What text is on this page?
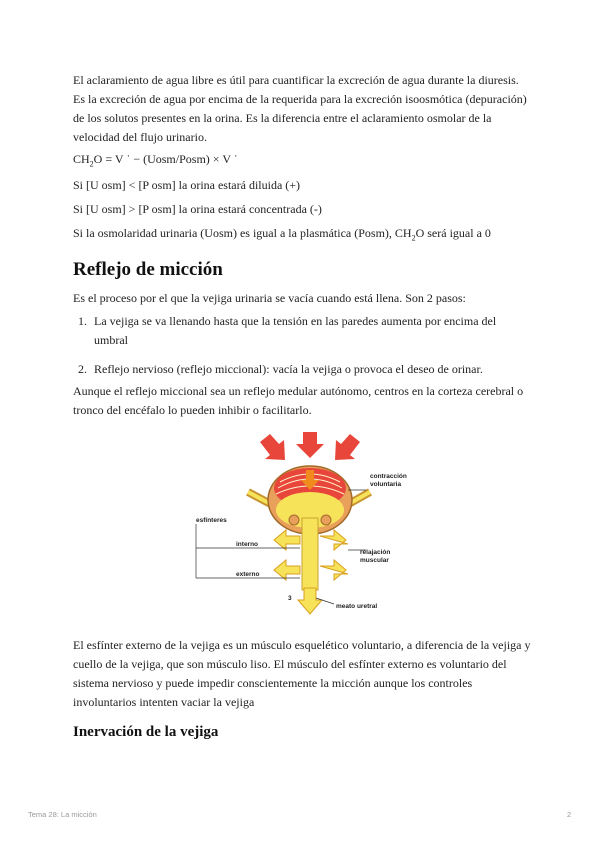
El aclaramiento de agua libre es útil para cuantificar la excreción de agua durante la diuresis. Es la excreción de agua por encima de la requerida para la excreción isoosmótica (depuración) de los solutos presentes en la orina. Es la diferencia entre el aclaramiento osmolar de la velocidad del flujo urinario.

$CH_2O = V$ ˙ − (Uosm/Posm) × V ˙
Si [U osm] < [P osm] la orina estará diluida (+)
Si [U osm] > [P osm] la orina estará concentrada (-)
Si la osmolaridad urinaria (Uosm) es igual a la plasmática (Posm), $CH_2O$ será igual a 0
Reflejo de micción

Es el proceso por el que la vejiga urinaria se vacía cuando está llena. Son 2 pasos:

1. La vejiga se va llenando hasta que la tensión en las paredes aumenta por encima del umbral
2. Reflejo nervioso (reflejo miccional): vacía la vejiga o provoca el deseo de orinar.

Aunque el reflejo miccional sea un reflejo medular autónomo, centros en la corteza cerebral o tronco del encéfalo lo pueden inhibir o facilitarlo.

contracción
voluntaria
esfínteres
interno
externo
relajación
muscular
3
meato uretral

El esfínter externo de la vejiga es un músculo esquelético voluntario, a diferencia de la vejiga y cuello de la vejiga, que son músculo liso. El músculo del esfínter externo es voluntario del sistema nervioso y puede impedir conscientemente la micción aunque los controles involuntarios intenten vaciar la vejiga

Inervación de la vejiga
Tema 28: La micción	2
